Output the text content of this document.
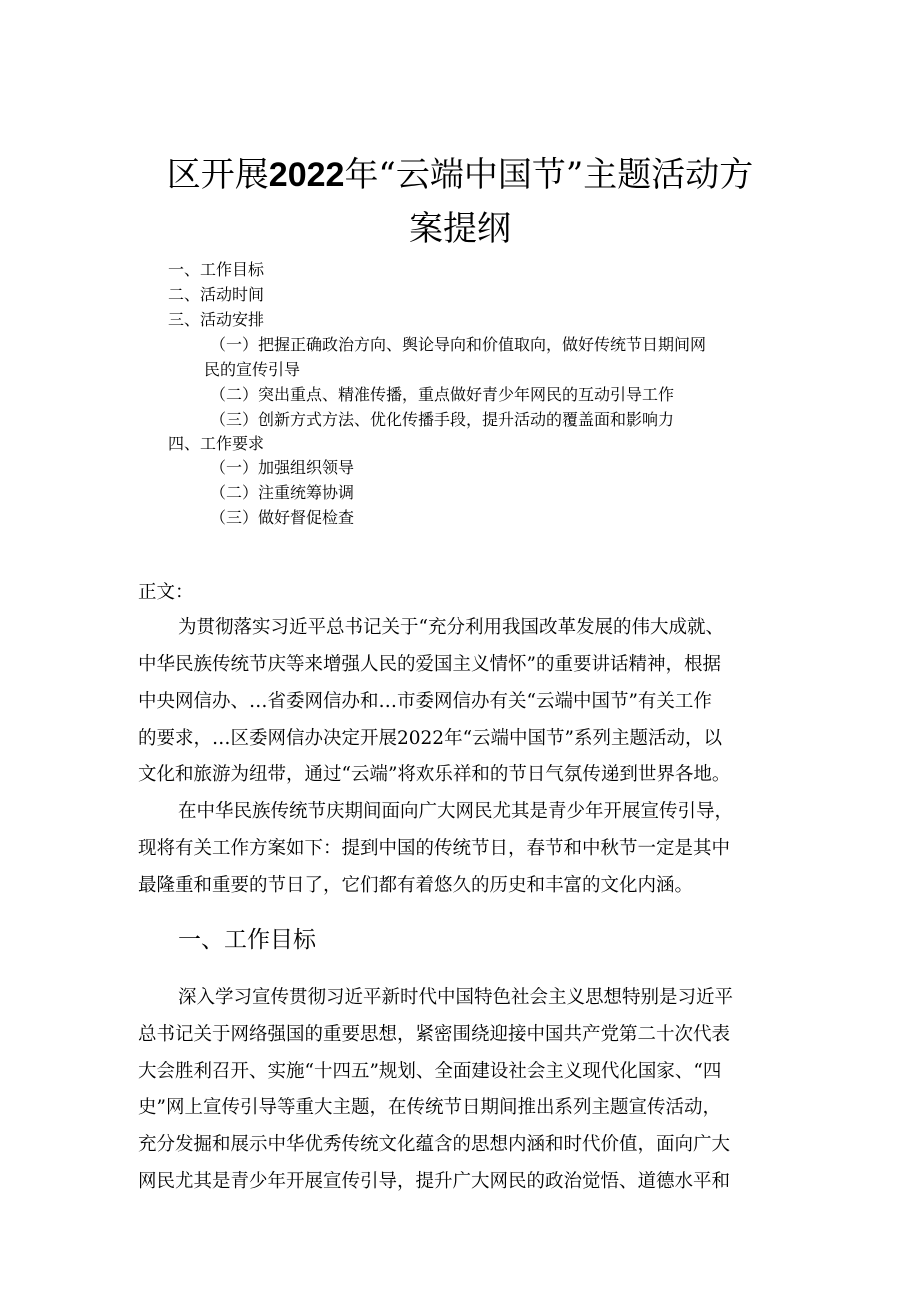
区开展2022年“云端中国节”主题活动方
案提纲
一、工作目标
二、活动时间
三、活动安排
（一）把握正确政治方向、舆论导向和价值取向，做好传统节日期间网
民的宣传引导
（二）突出重点、精准传播，重点做好青少年网民的互动引导工作
（三）创新方式方法、优化传播手段，提升活动的覆盖面和影响力
四、工作要求
（一）加强组织领导
（二）注重统筹协调
（三）做好督促检查
正文：
为贯彻落实习近平总书记关于“充分利用我国改革发展的伟大成就、
中华民族传统节庆等来增强人民的爱国主义情怀”的重要讲话精神，根据
中央网信办、…省委网信办和…市委网信办有关“云端中国节”有关工作
的要求，…区委网信办决定开展2022年“云端中国节”系列主题活动，以
文化和旅游为纽带，通过“云端”将欢乐祥和的节日气氛传递到世界各地。
在中华民族传统节庆期间面向广大网民尤其是青少年开展宣传引导，
现将有关工作方案如下：提到中国的传统节日，春节和中秋节一定是其中
最隆重和重要的节日了，它们都有着悠久的历史和丰富的文化内涵。
一、工作目标
深入学习宣传贯彻习近平新时代中国特色社会主义思想特别是习近平
总书记关于网络强国的重要思想，紧密围绕迎接中国共产党第二十次代表
大会胜利召开、实施“十四五”规划、全面建设社会主义现代化国家、“四
史”网上宣传引导等重大主题，在传统节日期间推出系列主题宣传活动，
充分发掘和展示中华优秀传统文化蕴含的思想内涵和时代价值，面向广大
网民尤其是青少年开展宣传引导，提升广大网民的政治觉悟、道德水平和
